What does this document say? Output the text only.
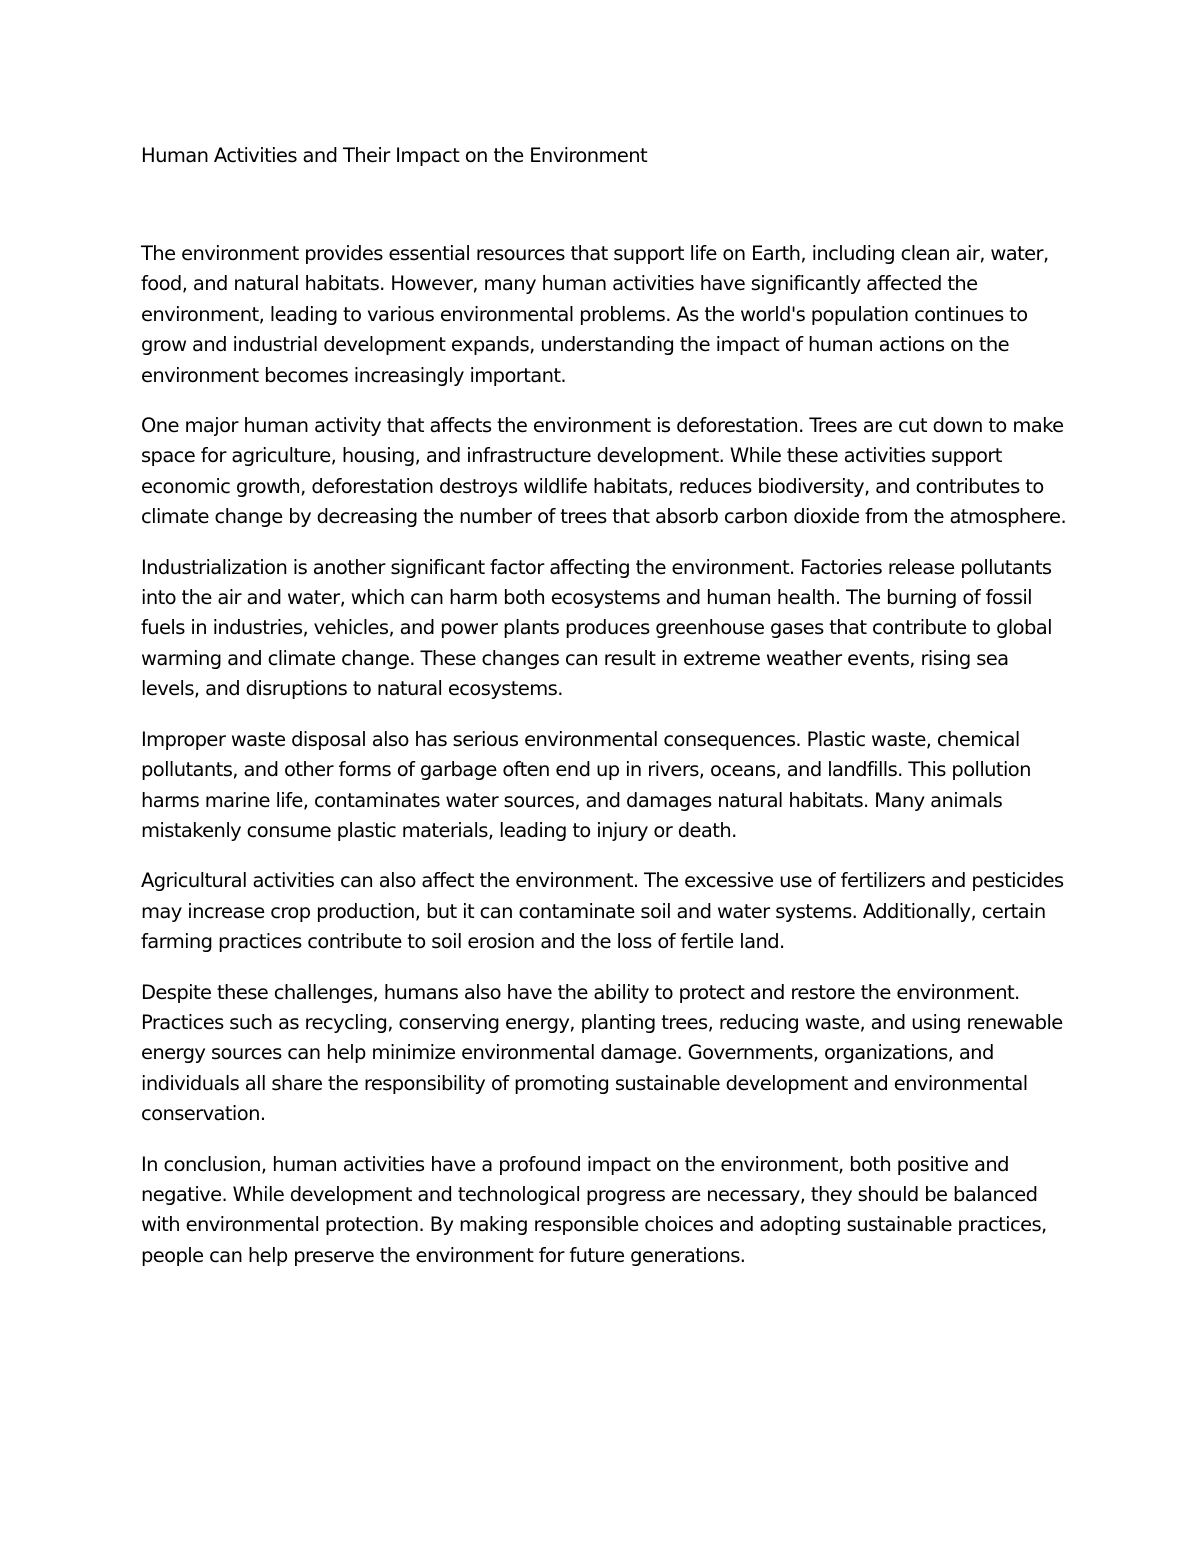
Human Activities and Their Impact on the Environment

The environment provides essential resources that support life on Earth, including clean air, water, food, and natural habitats. However, many human activities have significantly affected the environment, leading to various environmental problems. As the world's population continues to grow and industrial development expands, understanding the impact of human actions on the environment becomes increasingly important.

One major human activity that affects the environment is deforestation. Trees are cut down to make space for agriculture, housing, and infrastructure development. While these activities support economic growth, deforestation destroys wildlife habitats, reduces biodiversity, and contributes to climate change by decreasing the number of trees that absorb carbon dioxide from the atmosphere.

Industrialization is another significant factor affecting the environment. Factories release pollutants into the air and water, which can harm both ecosystems and human health. The burning of fossil fuels in industries, vehicles, and power plants produces greenhouse gases that contribute to global warming and climate change. These changes can result in extreme weather events, rising sea levels, and disruptions to natural ecosystems.

Improper waste disposal also has serious environmental consequences. Plastic waste, chemical pollutants, and other forms of garbage often end up in rivers, oceans, and landfills. This pollution harms marine life, contaminates water sources, and damages natural habitats. Many animals mistakenly consume plastic materials, leading to injury or death.

Agricultural activities can also affect the environment. The excessive use of fertilizers and pesticides may increase crop production, but it can contaminate soil and water systems. Additionally, certain farming practices contribute to soil erosion and the loss of fertile land.

Despite these challenges, humans also have the ability to protect and restore the environment. Practices such as recycling, conserving energy, planting trees, reducing waste, and using renewable energy sources can help minimize environmental damage. Governments, organizations, and individuals all share the responsibility of promoting sustainable development and environmental conservation.

In conclusion, human activities have a profound impact on the environment, both positive and negative. While development and technological progress are necessary, they should be balanced with environmental protection. By making responsible choices and adopting sustainable practices, people can help preserve the environment for future generations.
